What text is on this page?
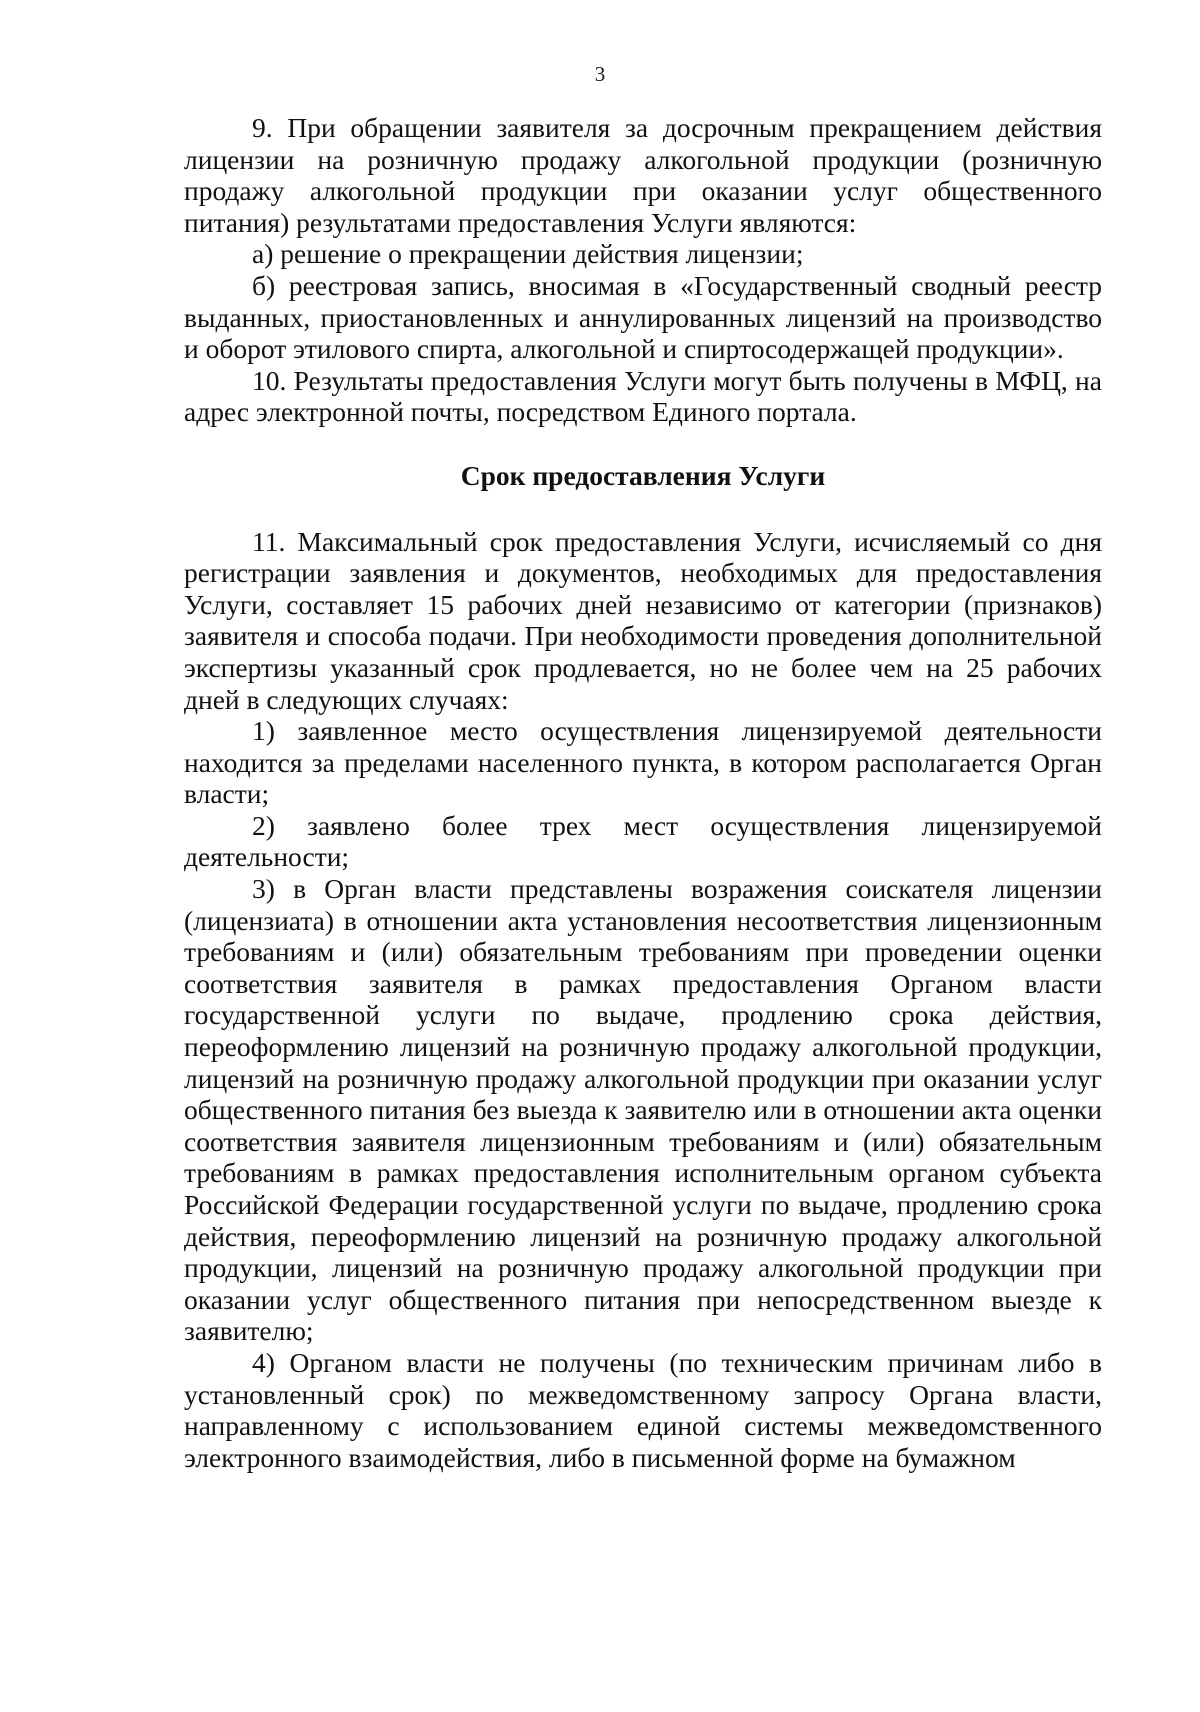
3

9. При обращении заявителя за досрочным прекращением действия лицензии на розничную продажу алкогольной продукции (розничную продажу алкогольной продукции при оказании услуг общественного питания) результатами предоставления Услуги являются:

а) решение о прекращении действия лицензии;

б) реестровая запись, вносимая в «Государственный сводный реестр выданных, приостановленных и аннулированных лицензий на производство и оборот этилового спирта, алкогольной и спиртосодержащей продукции».

10. Результаты предоставления Услуги могут быть получены в МФЦ, на адрес электронной почты, посредством Единого портала.

Срок предоставления Услуги

11. Максимальный срок предоставления Услуги, исчисляемый со дня регистрации заявления и документов, необходимых для предоставления Услуги, составляет 15 рабочих дней независимо от категории (признаков) заявителя и способа подачи. При необходимости проведения дополнительной экспертизы указанный срок продлевается, но не более чем на 25 рабочих дней в следующих случаях:

1) заявленное место осуществления лицензируемой деятельности находится за пределами населенного пункта, в котором располагается Орган власти;

2) заявлено более трех мест осуществления лицензируемой деятельности;

3) в Орган власти представлены возражения соискателя лицензии (лицензиата) в отношении акта установления несоответствия лицензионным требованиям и (или) обязательным требованиям при проведении оценки соответствия заявителя в рамках предоставления Органом власти государственной услуги по выдаче, продлению срока действия, переоформлению лицензий на розничную продажу алкогольной продукции, лицензий на розничную продажу алкогольной продукции при оказании услуг общественного питания без выезда к заявителю или в отношении акта оценки соответствия заявителя лицензионным требованиям и (или) обязательным требованиям в рамках предоставления исполнительным органом субъекта Российской Федерации государственной услуги по выдаче, продлению срока действия, переоформлению лицензий на розничную продажу алкогольной продукции, лицензий на розничную продажу алкогольной продукции при оказании услуг общественного питания при непосредственном выезде к заявителю;

4) Органом власти не получены (по техническим причинам либо в установленный срок) по межведомственному запросу Органа власти, направленному с использованием единой системы межведомственного электронного взаимодействия, либо в письменной форме на бумажном
